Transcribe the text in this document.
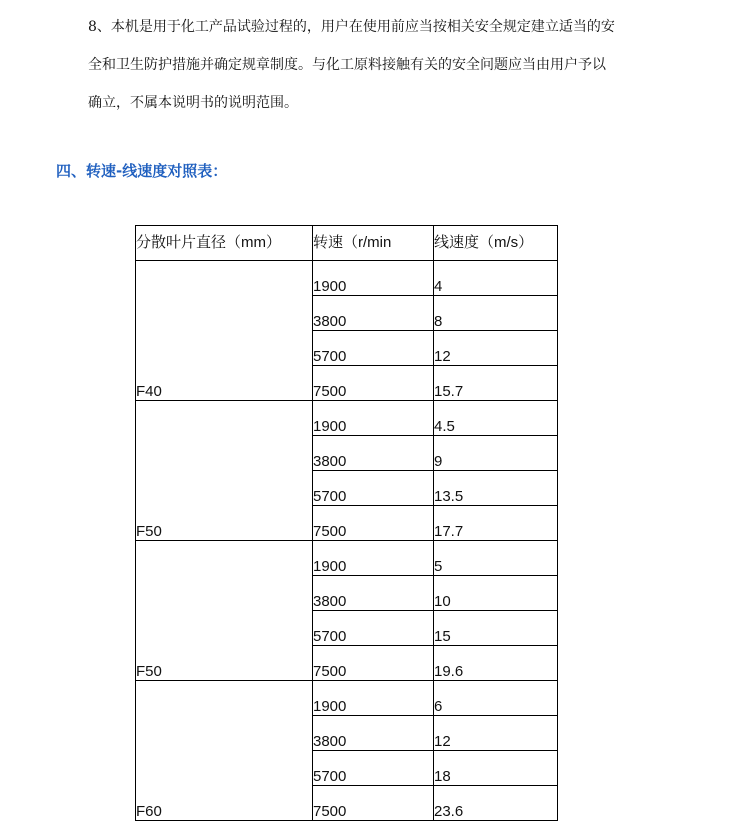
8、本机是用于化工产品试验过程的，用户在使用前应当按相关安全规定建立适当的安
全和卫生防护措施并确定规章制度。与化工原料接触有关的安全问题应当由用户予以
确立，不属本说明书的说明范围。
四、转速-线速度对照表：
分散叶片直径（mm）	转速（r/min	线速度（m/s）
F40	1900	4
	3800	8
	5700	12
	7500	15.7
F50	1900	4.5
	3800	9
	5700	13.5
	7500	17.7
F50	1900	5
	3800	10
	5700	15
	7500	19.6
F60	1900	6
	3800	12
	5700	18
	7500	23.6
